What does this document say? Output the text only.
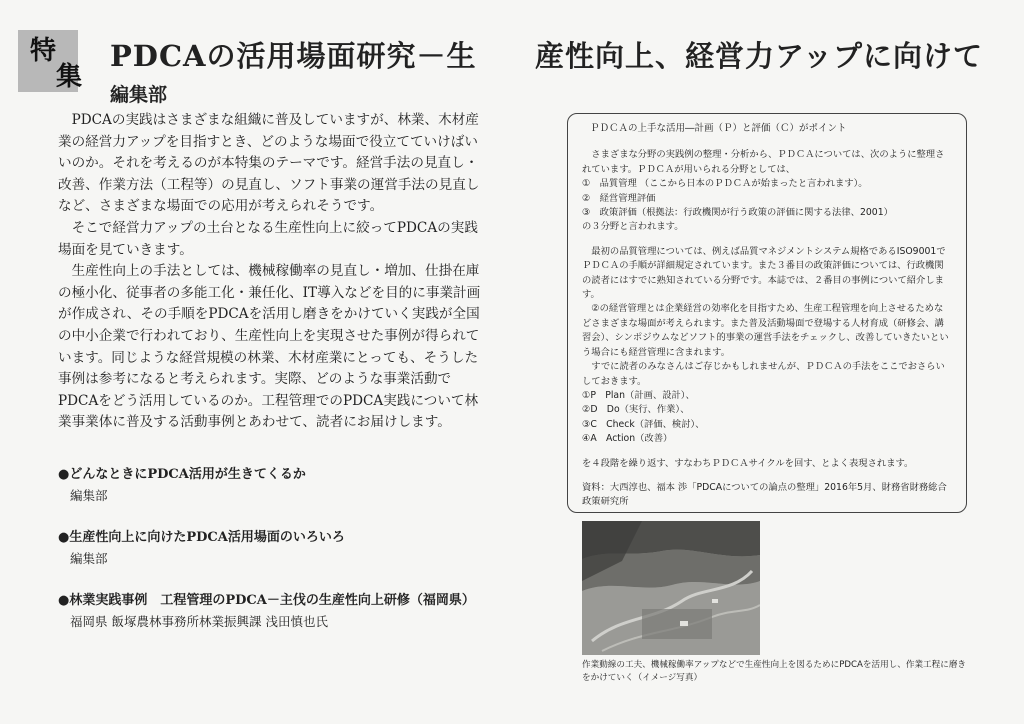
特
集
PDCAの活用場面研究－生 産性向上、経営力アップに向けて
編集部

PDCAの実践はさまざまな組織に普及していますが、林業、木材産業の経営力アップを目指すとき、どのような場面で役立てていけばいいのか。それを考えるのが本特集のテーマです。経営手法の見直し・改善、作業方法（工程等）の見直し、ソフト事業の運営手法の見直しなど、さまざまな場面での応用が考えられそうです。

そこで経営力アップの土台となる生産性向上に絞ってPDCAの実践場面を見ていきます。

生産性向上の手法としては、機械稼働率の見直し・増加、仕掛在庫の極小化、従事者の多能工化・兼任化、IT導入などを目的に事業計画が作成され、その手順をPDCAを活用し磨きをかけていく実践が全国の中小企業で行われており、生産性向上を実現させた事例が得られています。同じような経営規模の林業、木材産業にとっても、そうした事例は参考になると考えられます。実際、どのような事業活動でPDCAをどう活用しているのか。工程管理でのPDCA実践について林業事業体に普及する活動事例とあわせて、読者にお届けします。

●どんなときにPDCA活用が生きてくるか
編集部
●生産性向上に向けたPDCA活用場面のいろいろ
編集部
●林業実践事例　工程管理のPDCA－主伐の生産性向上研修（福岡県）
福岡県 飯塚農林事務所林業振興課 浅田慎也氏

ＰＤＣＡの上手な活用―計画（Ｐ）と評価（Ｃ）がポイント

さまざまな分野の実践例の整理・分析から、ＰＤＣＡについては、次のように整理されています。ＰＤＣＡが用いられる分野としては、

①　品質管理 （ここから日本のＰＤＣＡが始まったと言われます）。

②　経営管理評価

③　政策評価（根拠法：行政機関が行う政策の評価に関する法律、2001）

の３分野と言われます。

最初の品質管理については、例えば品質マネジメントシステム規格であるISO9001でＰＤＣＡの手順が詳細規定されています。また３番目の政策評価については、行政機関の読者にはすでに熟知されている分野です。本誌では、２番目の事例について紹介します。

②の経営管理とは企業経営の効率化を目指すため、生産工程管理を向上させるためなどさまざまな場面が考えられます。また普及活動場面で登場する人材育成（研修会、講習会）、シンポジウムなどソフト的事業の運営手法をチェックし、改善していきたいという場合にも経営管理に含まれます。

すでに読者のみなさんはご存じかもしれませんが、ＰＤＣＡの手法をここでおさらいしておきます。

①P　Plan（計画、設計）、

②D　Do（実行、作業）、

③C　Check（評価、検討）、

④A　Action（改善）

を４段階を繰り返す、すなわちＰＤＣＡサイクルを回す、とよく表現されます。

資料：大西淳也、福本 渉「PDCAについての論点の整理」2016年5月、財務省財務総合政策研究所

作業動線の工夫、機械稼働率アップなどで生産性向上を図るためにPDCAを活用し、作業工程に磨きをかけていく（イメージ写真）
